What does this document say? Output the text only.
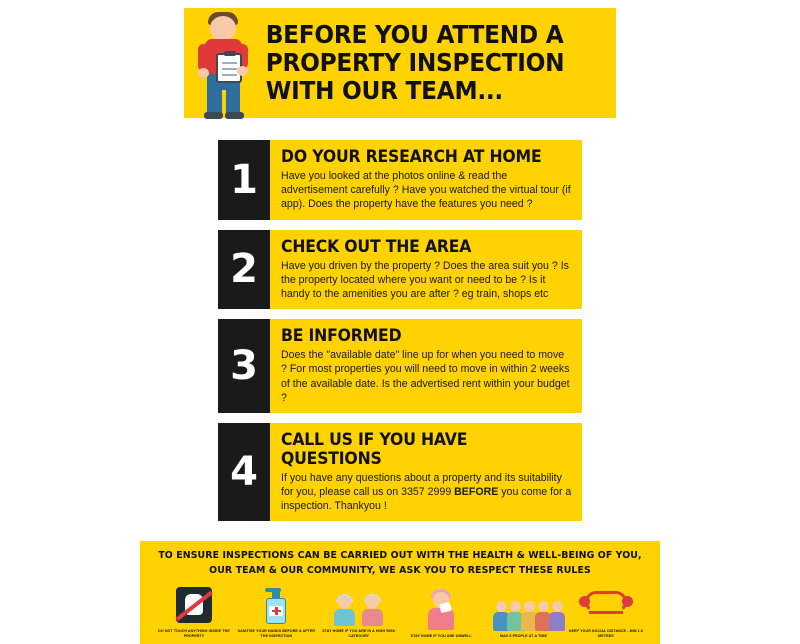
BEFORE YOU ATTEND A PROPERTY INSPECTION WITH OUR TEAM...
1
DO YOUR RESEARCH AT HOME
Have you looked at the photos online & read the advertisement carefully ? Have you watched the virtual tour (if app). Does the property have the features you need ?
2
CHECK OUT THE AREA
Have you driven by the property ? Does the area suit you ? Is the property located where you want or need to be ? Is it handy to the amenities you are after ? eg train, shops etc
3
BE INFORMED
Does the "available date" line up for when you need to move ? For most properties you will need to move in within 2 weeks of the available date. Is the advertised rent within your budget ?
4
CALL US IF YOU HAVE QUESTIONS
If you have any questions about a property and its suitability for you, please call us on 3357 2999 BEFORE you come for a inspection. Thankyou !
TO ENSURE INSPECTIONS CAN BE CARRIED OUT WITH THE HEALTH & WELL-BEING OF YOU,
OUR TEAM & OUR COMMUNITY, WE ASK YOU TO RESPECT THESE RULES
DO NOT TOUCH ANYTHING INSIDE THE PROPERTY
SANITISE YOUR HANDS BEFORE & AFTER THE INSPECTION
STAY HOME IF YOU ARE IN A HIGH RISK CATEGORY	STAY HOME IF YOU ARE UNWELL	MAX 5 PEOPLE AT A TIME
KEEP YOUR SOCIAL DISTANCE - MIN 1.5 METRES
